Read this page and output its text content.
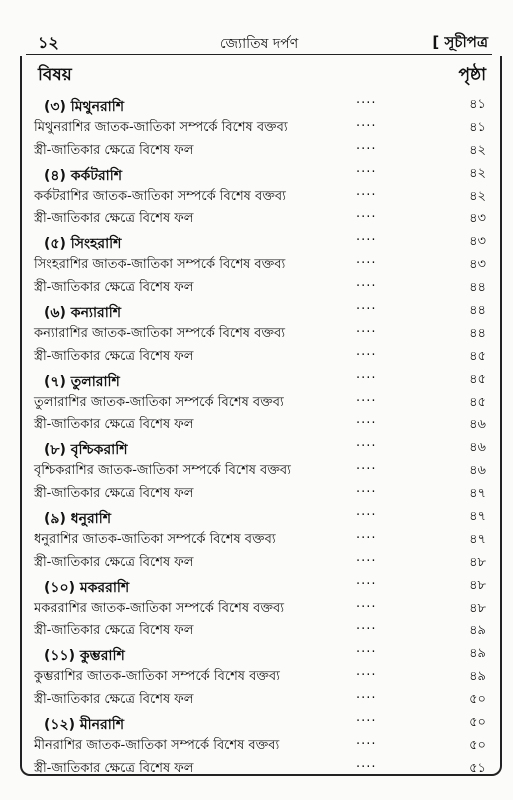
১২	জ্যোতিষ দর্পণ	[ সূচীপত্র
বিষয়	পৃষ্ঠা
(৩) মিথুনরাশি	....	৪১
মিথুনরাশির জাতক-জাতিকা সম্পর্কে বিশেষ বক্তব্য	....	৪১
স্ত্রী-জাতিকার ক্ষেত্রে বিশেষ ফল	....	৪২
(৪) কর্কটরাশি	....	৪২
কর্কটরাশির জাতক-জাতিকা সম্পর্কে বিশেষ বক্তব্য	....	৪২
স্ত্রী-জাতিকার ক্ষেত্রে বিশেষ ফল	....	৪৩
(৫) সিংহরাশি	....	৪৩
সিংহরাশির জাতক-জাতিকা সম্পর্কে বিশেষ বক্তব্য	....	৪৩
স্ত্রী-জাতিকার ক্ষেত্রে বিশেষ ফল	....	৪৪
(৬) কন্যারাশি	....	৪৪
কন্যারাশির জাতক-জাতিকা সম্পর্কে বিশেষ বক্তব্য	....	৪৪
স্ত্রী-জাতিকার ক্ষেত্রে বিশেষ ফল	....	৪৫
(৭) তুলারাশি	....	৪৫
তুলারাশির জাতক-জাতিকা সম্পর্কে বিশেষ বক্তব্য	....	৪৫
স্ত্রী-জাতিকার ক্ষেত্রে বিশেষ ফল	....	৪৬
(৮) বৃশ্চিকরাশি	....	৪৬
বৃশ্চিকরাশির জাতক-জাতিকা সম্পর্কে বিশেষ বক্তব্য	....	৪৬
স্ত্রী-জাতিকার ক্ষেত্রে বিশেষ ফল	....	৪৭
(৯) ধনুরাশি	....	৪৭
ধনুরাশির জাতক-জাতিকা সম্পর্কে বিশেষ বক্তব্য	....	৪৭
স্ত্রী-জাতিকার ক্ষেত্রে বিশেষ ফল	....	৪৮
(১০) মকররাশি	....	৪৮
মকররাশির জাতক-জাতিকা সম্পর্কে বিশেষ বক্তব্য	....	৪৮
স্ত্রী-জাতিকার ক্ষেত্রে বিশেষ ফল	....	৪৯
(১১) কুম্ভরাশি	....	৪৯
কুম্ভরাশির জাতক-জাতিকা সম্পর্কে বিশেষ বক্তব্য	....	৪৯
স্ত্রী-জাতিকার ক্ষেত্রে বিশেষ ফল	....	৫০
(১২) মীনরাশি	....	৫০
মীনরাশির জাতক-জাতিকা সম্পর্কে বিশেষ বক্তব্য	....	৫০
স্ত্রী-জাতিকার ক্ষেত্রে বিশেষ ফল	....	৫১
